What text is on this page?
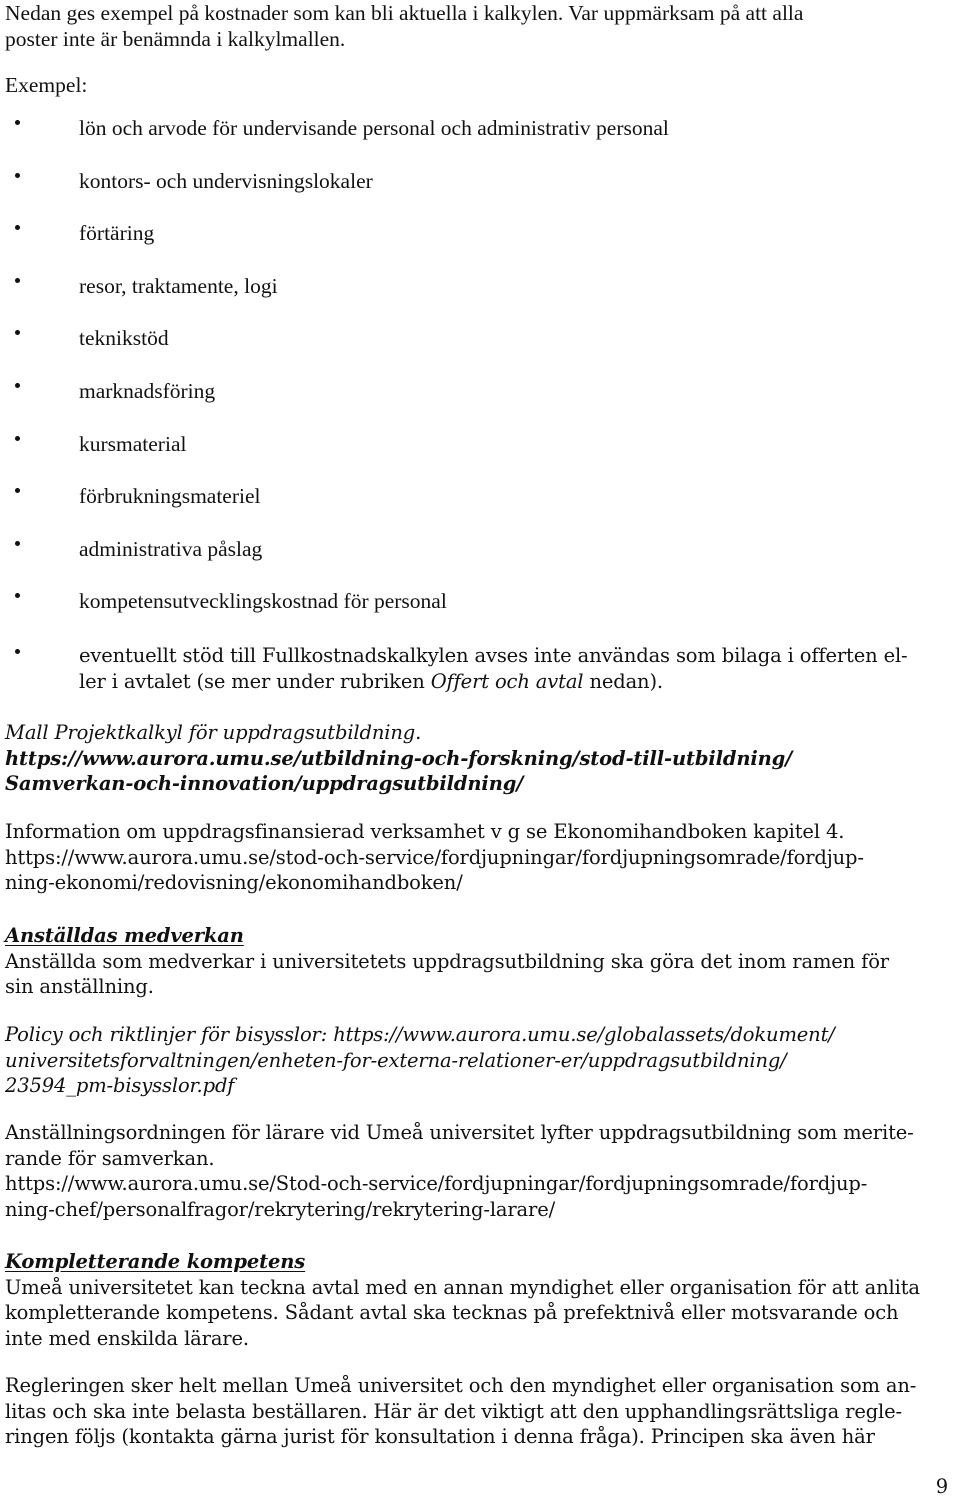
Nedan ges exempel på kostnader som kan bli aktuella i kalkylen. Var uppmärksam på att alla
poster inte är benämnda i kalkylmallen.
Exempel:
lön och arvode för undervisande personal och administrativ personal
kontors- och undervisningslokaler
förtäring
resor, traktamente, logi
teknikstöd
marknadsföring
kursmaterial
förbrukningsmateriel
administrativa påslag
kompetensutvecklingskostnad för personal
eventuellt stöd till Fullkostnadskalkylen avses inte användas som bilaga i offerten el-
ler i avtalet (se mer under rubriken Offert och avtal nedan).
Mall Projektkalkyl för uppdragsutbildning.
https://www.aurora.umu.se/utbildning-och-forskning/stod-till-utbildning/
Samverkan-och-innovation/uppdragsutbildning/
Information om uppdragsfinansierad verksamhet v g se Ekonomihandboken kapitel 4.
https://www.aurora.umu.se/stod-och-service/fordjupningar/fordjupningsomrade/fordjup-
ning-ekonomi/redovisning/ekonomihandboken/
Anställdas medverkan
Anställda som medverkar i universitetets uppdragsutbildning ska göra det inom ramen för
sin anställning.
Policy och riktlinjer för bisysslor: https://www.aurora.umu.se/globalassets/dokument/
universitetsforvaltningen/enheten-for-externa-relationer-er/uppdragsutbildning/
23594_pm-bisysslor.pdf
Anställningsordningen för lärare vid Umeå universitet lyfter uppdragsutbildning som merite-
rande för samverkan.
https://www.aurora.umu.se/Stod-och-service/fordjupningar/fordjupningsomrade/fordjup-
ning-chef/personalfragor/rekrytering/rekrytering-larare/
Kompletterande kompetens
Umeå universitetet kan teckna avtal med en annan myndighet eller organisation för att anlita
kompletterande kompetens. Sådant avtal ska tecknas på prefektnivå eller motsvarande och
inte med enskilda lärare.
Regleringen sker helt mellan Umeå universitet och den myndighet eller organisation som an-
litas och ska inte belasta beställaren. Här är det viktigt att den upphandlingsrättsliga regle-
ringen följs (kontakta gärna jurist för konsultation i denna fråga). Principen ska även här
9
